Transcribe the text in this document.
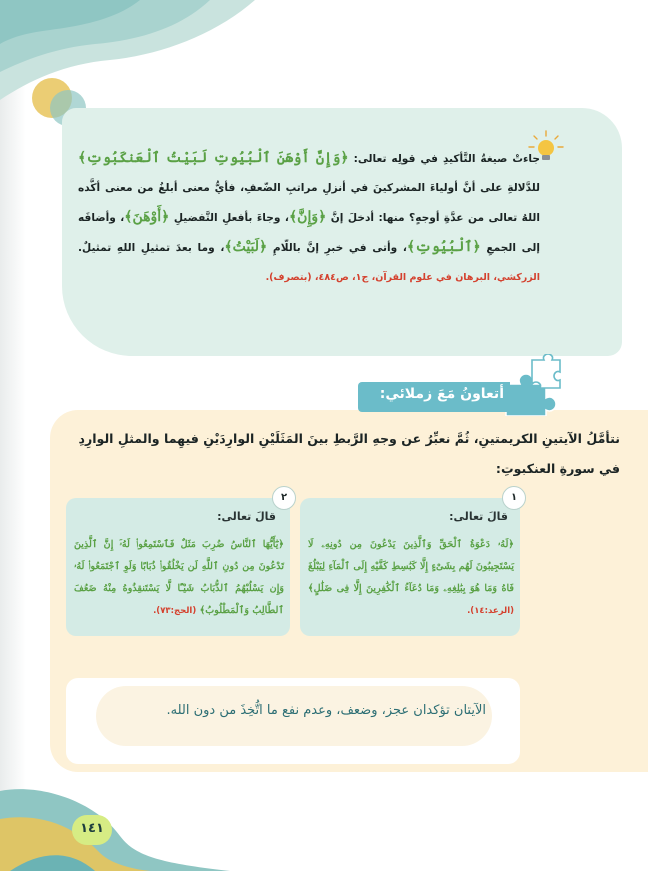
جاءتْ صيغةُ التَّأكيدِ في قولِه تعالى: ﴿وَإِنَّ أَوْهَنَ ٱلْبُيُوتِ لَبَيْتُ ٱلْعَنكَبُوتِ﴾ للدَّلالةِ على أنَّ أولياءَ المشركينَ في أنزلِ مراتبِ الضّعفِ، فأيُّ معنى أبلغُ من معنى أكَّده اللهُ تعالى من عدَّةِ أوجهٍ؟ منها: أدخلَ إنَّ ﴿وَإِنَّ﴾، وجاءَ بأفعلِ التَّفضيلِ ﴿أَوْهَنَ﴾، وأضافَه إلى الجمعِ ﴿ٱلْبُيُوتِ﴾، وأتى في خبرِ إنَّ باللّامِ ﴿لَبَيْتُ﴾، وما بعدَ تمثيلِ اللهِ تمثيلٌ. الزركشي، البرهان في علوم القرآن، ج١، ص٤٨٤، (بتصرف).
أتعاونُ مَعَ زملائي:
نتأمَّلُ الآيتينِ الكريمتينِ، ثُمَّ نعبِّرُ عن وجهِ الرَّبطِ بينَ المَثَلَيْنِ الوارِدَيْنِ فيهِما والمثلِ الوارِدِ في سورةِ العنكبوتِ:
١
قالَ تعالى:
﴿لَهُۥ دَعْوَةُ ٱلْحَقِّ وَٱلَّذِينَ يَدْعُونَ مِن دُونِهِۦ لَا يَسْتَجِيبُونَ لَهُم بِشَىْءٍ إِلَّا كَبَٰسِطِ كَفَّيْهِ إِلَى ٱلْمَآءِ لِيَبْلُغَ فَاهُ وَمَا هُوَ بِبَٰلِغِهِۦ وَمَا دُعَآءُ ٱلْكَٰفِرِينَ إِلَّا فِى ضَلَٰلٍ﴾ (الرعد:١٤).
٢
قالَ تعالى:
﴿يَٰٓأَيُّهَا ٱلنَّاسُ ضُرِبَ مَثَلٌ فَٱسْتَمِعُوا۟ لَهُۥٓ إِنَّ ٱلَّذِينَ تَدْعُونَ مِن دُونِ ٱللَّهِ لَن يَخْلُقُوا۟ ذُبَابًا وَلَوِ ٱجْتَمَعُوا۟ لَهُۥ وَإِن يَسْلُبْهُمُ ٱلذُّبَابُ شَيْـًٔا لَّا يَسْتَنقِذُوهُ مِنْهُ ضَعُفَ ٱلطَّالِبُ وَٱلْمَطْلُوبُ﴾ (الحج:٧٣).
الآيتان تؤكدان عجز، وضعف، وعدم نفع ما اتُّخِذَ من دون الله.
١٤١
